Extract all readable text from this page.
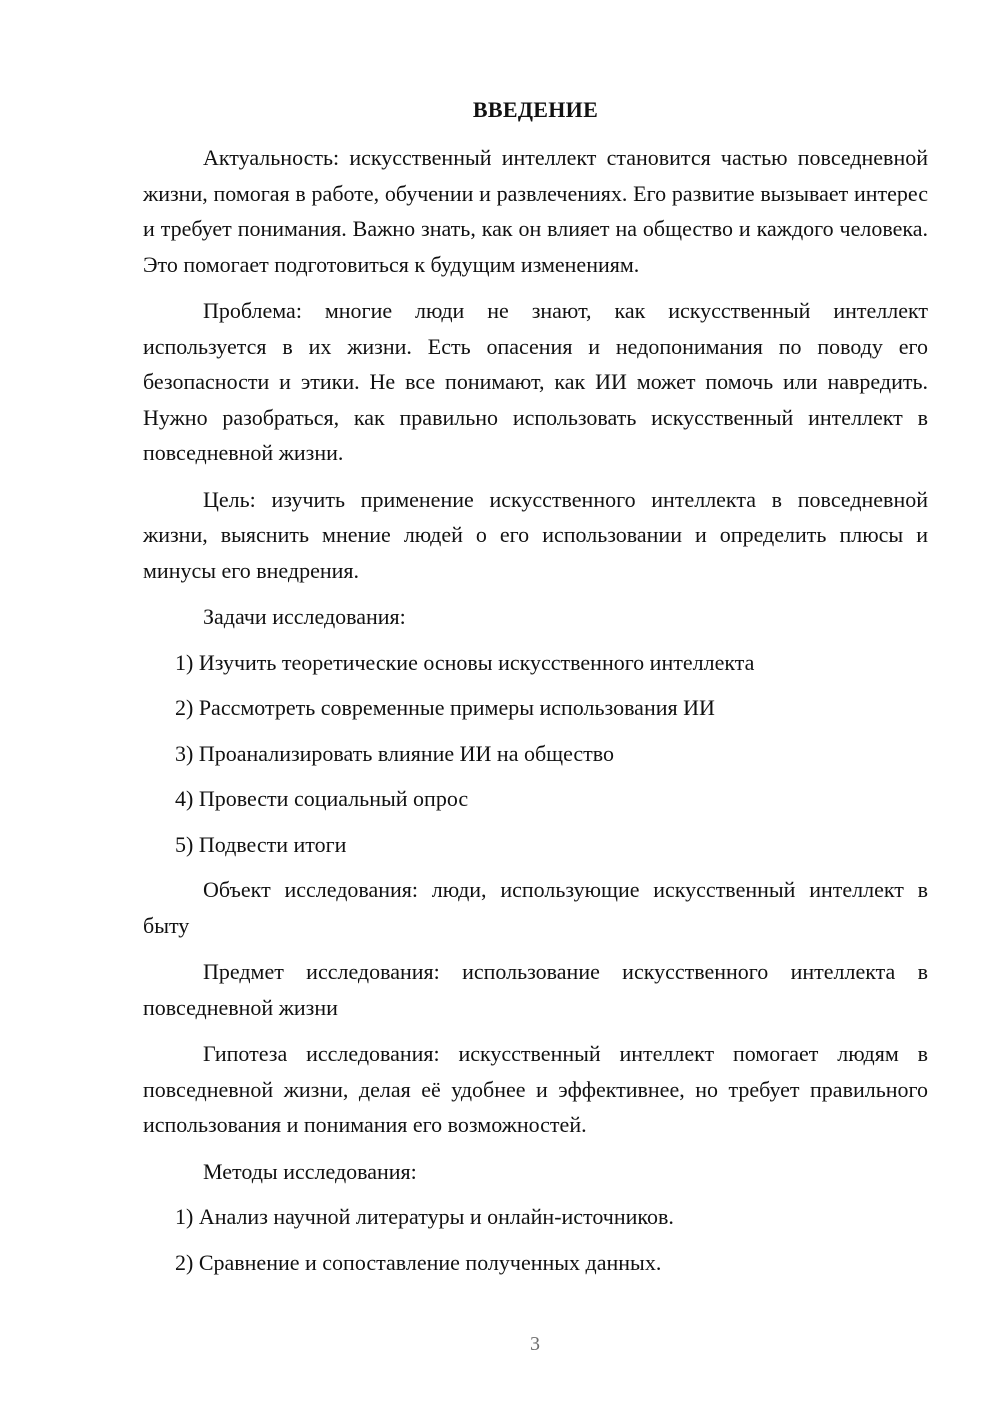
ВВЕДЕНИЕ

Актуальность: искусственный интеллект становится частью повседневной жизни, помогая в работе, обучении и развлечениях. Его развитие вызывает интерес и требует понимания. Важно знать, как он влияет на общество и каждого человека. Это помогает подготовиться к будущим изменениям.

Проблема: многие люди не знают, как искусственный интеллект используется в их жизни. Есть опасения и недопонимания по поводу его безопасности и этики. Не все понимают, как ИИ может помочь или навредить. Нужно разобраться, как правильно использовать искусственный интеллект в повседневной жизни.

Цель: изучить применение искусственного интеллекта в повседневной жизни, выяснить мнение людей о его использовании и определить плюсы и минусы его внедрения.

Задачи исследования:
1) Изучить теоретические основы искусственного интеллекта
2) Рассмотреть современные примеры использования ИИ
3) Проанализировать влияние ИИ на общество
4) Провести социальный опрос
5) Подвести итоги

Объект исследования: люди, использующие искусственный интеллект в быту

Предмет исследования: использование искусственного интеллекта в повседневной жизни

Гипотеза исследования: искусственный интеллект помогает людям в повседневной жизни, делая её удобнее и эффективнее, но требует правильного использования и понимания его возможностей.

Методы исследования:
1) Анализ научной литературы и онлайн-источников.
2) Сравнение и сопоставление полученных данных.
3
